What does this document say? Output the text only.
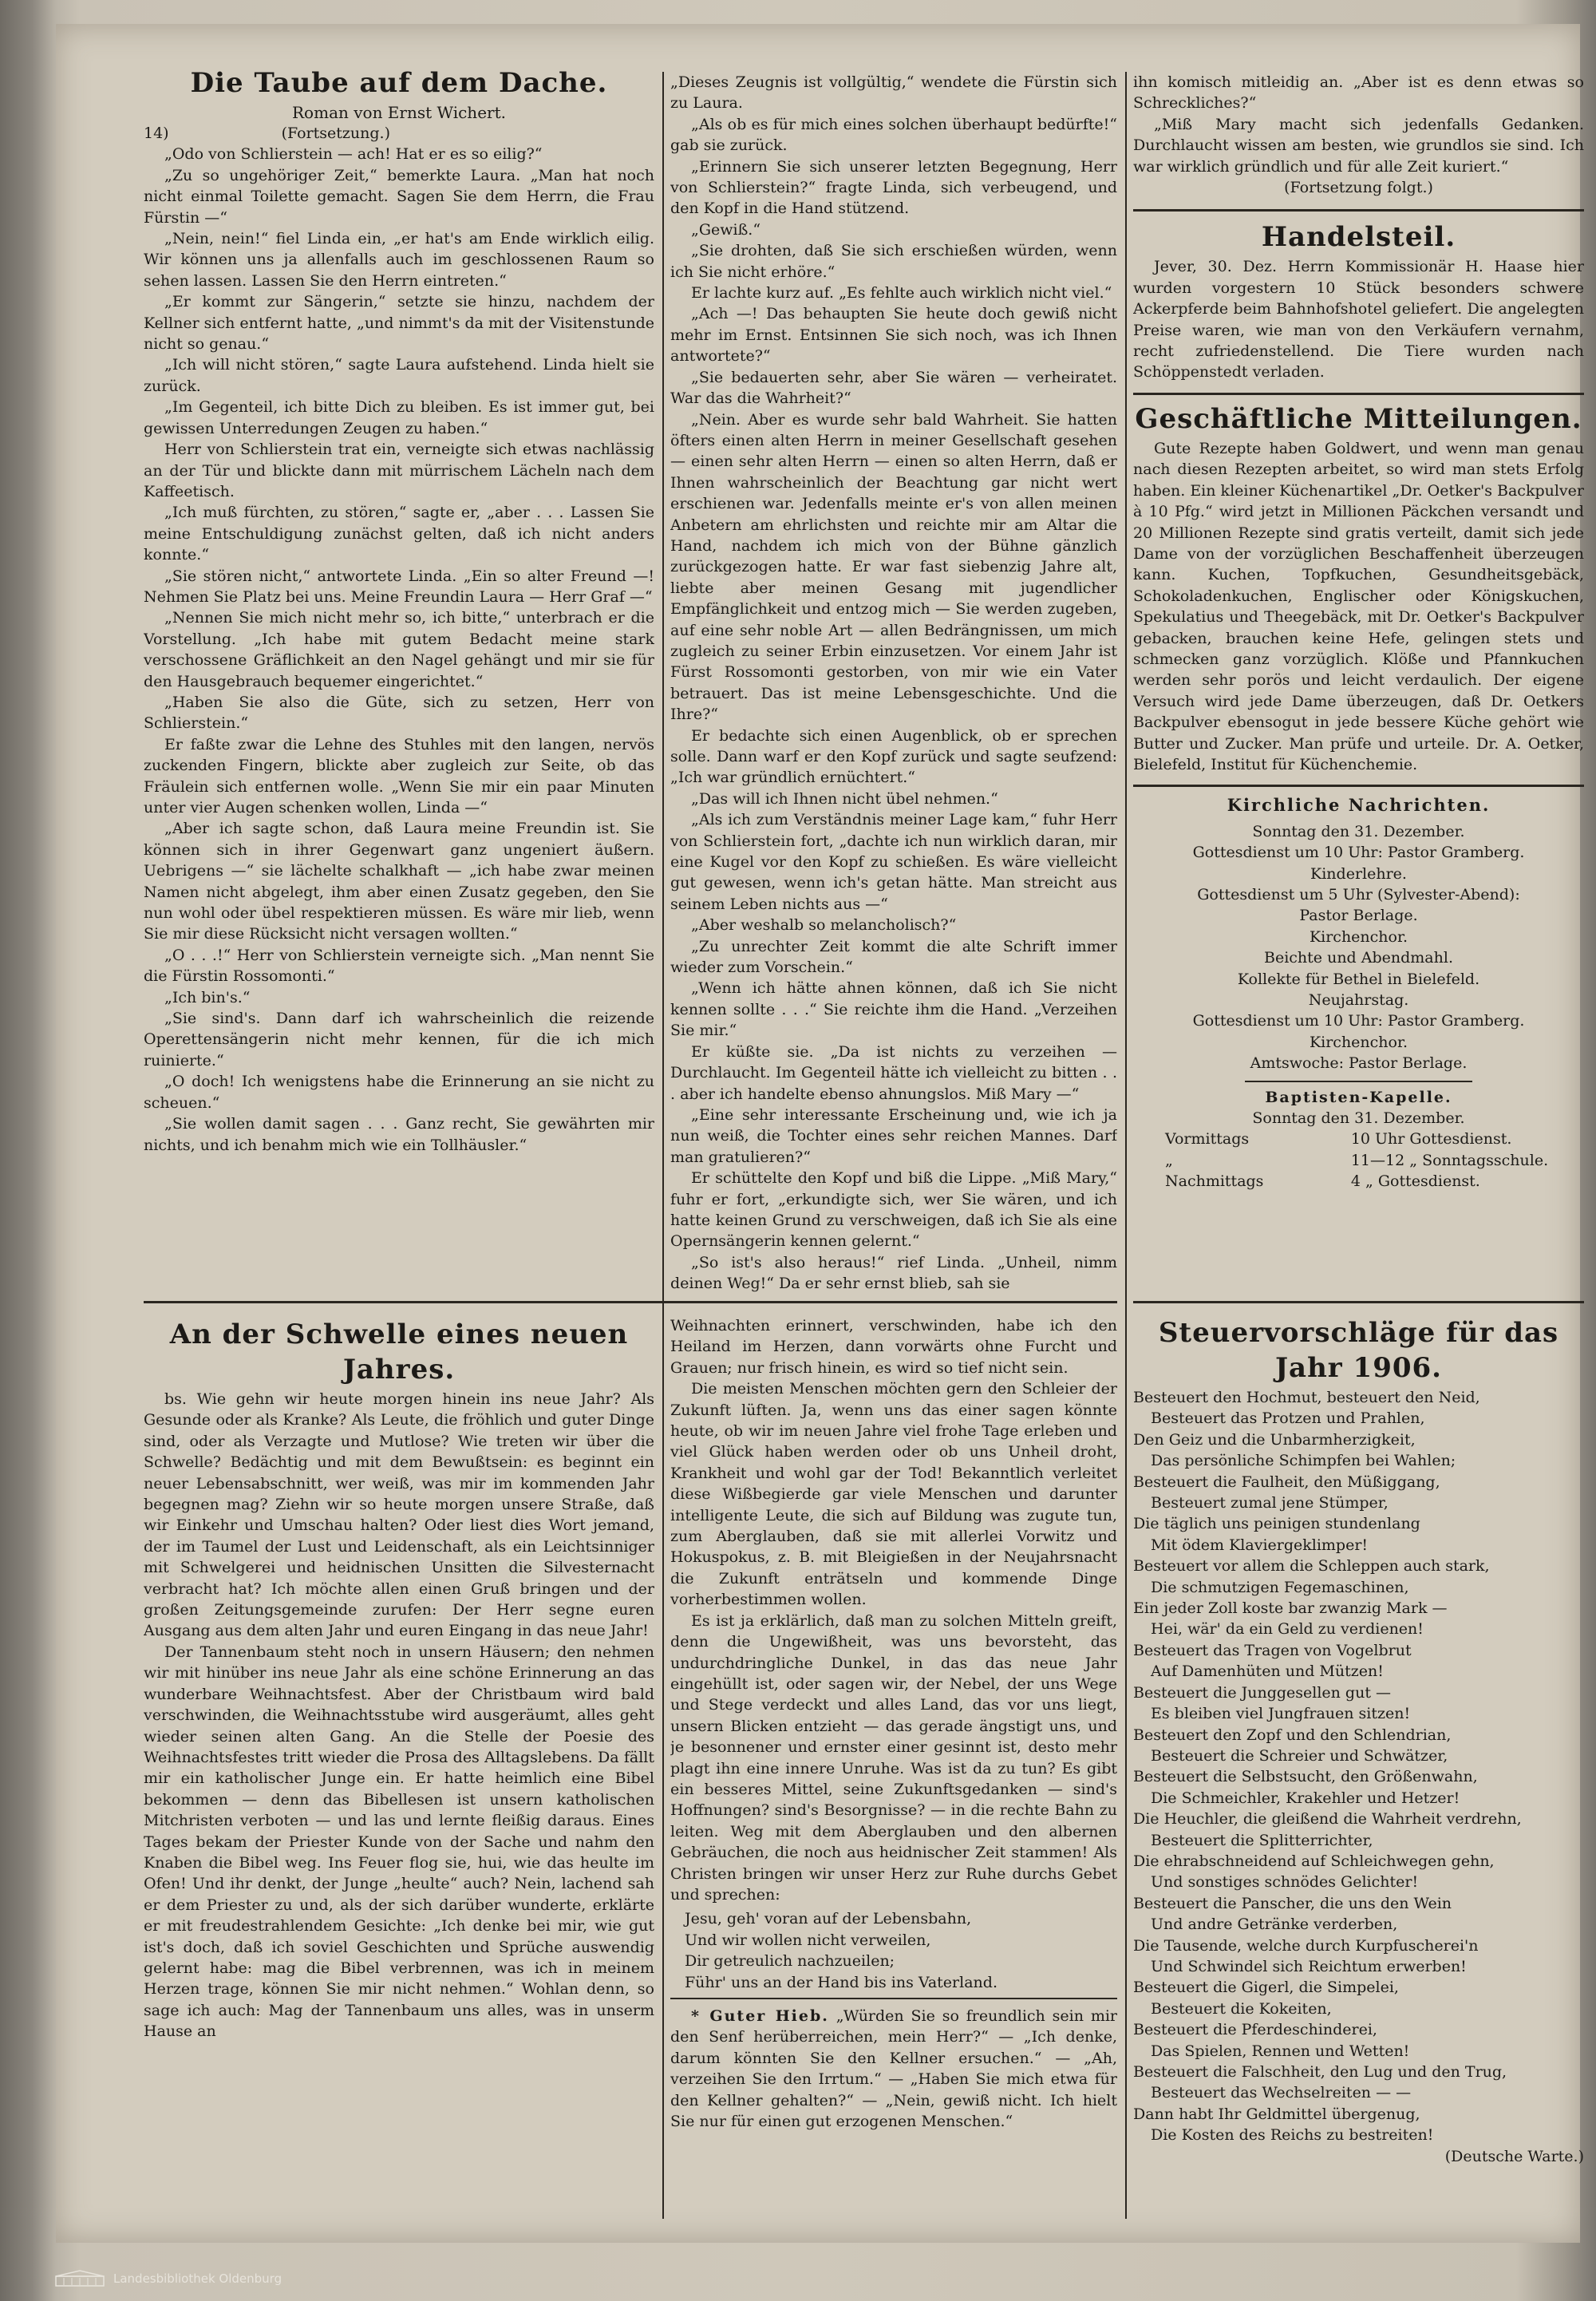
Die Taube auf dem Dache.
Roman von Ernst Wichert.
14)	(Fortsetzung.)

„Odo von Schlierstein — ach! Hat er es so eilig?“

„Zu so ungehöriger Zeit,“ bemerkte Laura. „Man hat noch nicht einmal Toilette gemacht. Sagen Sie dem Herrn, die Frau Fürstin —“

„Nein, nein!“ fiel Linda ein, „er hat's am Ende wirklich eilig. Wir können uns ja allenfalls auch im geschlossenen Raum so sehen lassen. Lassen Sie den Herrn eintreten.“

„Er kommt zur Sängerin,“ setzte sie hinzu, nachdem der Kellner sich entfernt hatte, „und nimmt's da mit der Visitenstunde nicht so genau.“

„Ich will nicht stören,“ sagte Laura aufstehend. Linda hielt sie zurück.

„Im Gegenteil, ich bitte Dich zu bleiben. Es ist immer gut, bei gewissen Unterredungen Zeugen zu haben.“

Herr von Schlierstein trat ein, verneigte sich etwas nachlässig an der Tür und blickte dann mit mürrischem Lächeln nach dem Kaffeetisch.

„Ich muß fürchten, zu stören,“ sagte er, „aber . . . Lassen Sie meine Entschuldigung zunächst gelten, daß ich nicht anders konnte.“

„Sie stören nicht,“ antwortete Linda. „Ein so alter Freund —! Nehmen Sie Platz bei uns. Meine Freundin Laura — Herr Graf —“

„Nennen Sie mich nicht mehr so, ich bitte,“ unterbrach er die Vorstellung. „Ich habe mit gutem Bedacht meine stark verschossene Gräflichkeit an den Nagel gehängt und mir sie für den Hausgebrauch bequemer eingerichtet.“

„Haben Sie also die Güte, sich zu setzen, Herr von Schlierstein.“

Er faßte zwar die Lehne des Stuhles mit den langen, nervös zuckenden Fingern, blickte aber zugleich zur Seite, ob das Fräulein sich entfernen wolle. „Wenn Sie mir ein paar Minuten unter vier Augen schenken wollen, Linda —“

„Aber ich sagte schon, daß Laura meine Freundin ist. Sie können sich in ihrer Gegenwart ganz ungeniert äußern. Uebrigens —“ sie lächelte schalkhaft — „ich habe zwar meinen Namen nicht abgelegt, ihm aber einen Zusatz gegeben, den Sie nun wohl oder übel respektieren müssen. Es wäre mir lieb, wenn Sie mir diese Rücksicht nicht versagen wollten.“

„O . . .!“ Herr von Schlierstein verneigte sich. „Man nennt Sie die Fürstin Rossomonti.“

„Ich bin's.“

„Sie sind's. Dann darf ich wahrscheinlich die reizende Operettensängerin nicht mehr kennen, für die ich mich ruinierte.“

„O doch! Ich wenigstens habe die Erinnerung an sie nicht zu scheuen.“

„Sie wollen damit sagen . . . Ganz recht, Sie gewährten mir nichts, und ich benahm mich wie ein Tollhäusler.“

„Dieses Zeugnis ist vollgültig,“ wendete die Fürstin sich zu Laura.

„Als ob es für mich eines solchen überhaupt bedürfte!“ gab sie zurück.

„Erinnern Sie sich unserer letzten Begegnung, Herr von Schlierstein?“ fragte Linda, sich verbeugend, und den Kopf in die Hand stützend.

„Gewiß.“

„Sie drohten, daß Sie sich erschießen würden, wenn ich Sie nicht erhöre.“

Er lachte kurz auf. „Es fehlte auch wirklich nicht viel.“

„Ach —! Das behaupten Sie heute doch gewiß nicht mehr im Ernst. Entsinnen Sie sich noch, was ich Ihnen antwortete?“

„Sie bedauerten sehr, aber Sie wären — verheiratet. War das die Wahrheit?“

„Nein. Aber es wurde sehr bald Wahrheit. Sie hatten öfters einen alten Herrn in meiner Gesellschaft gesehen — einen sehr alten Herrn — einen so alten Herrn, daß er Ihnen wahrscheinlich der Beachtung gar nicht wert erschienen war. Jedenfalls meinte er's von allen meinen Anbetern am ehrlichsten und reichte mir am Altar die Hand, nachdem ich mich von der Bühne gänzlich zurückgezogen hatte. Er war fast siebenzig Jahre alt, liebte aber meinen Gesang mit jugendlicher Empfänglichkeit und entzog mich — Sie werden zugeben, auf eine sehr noble Art — allen Bedrängnissen, um mich zugleich zu seiner Erbin einzusetzen. Vor einem Jahr ist Fürst Rossomonti gestorben, von mir wie ein Vater betrauert. Das ist meine Lebensgeschichte. Und die Ihre?“

Er bedachte sich einen Augenblick, ob er sprechen solle. Dann warf er den Kopf zurück und sagte seufzend: „Ich war gründlich ernüchtert.“

„Das will ich Ihnen nicht übel nehmen.“

„Als ich zum Verständnis meiner Lage kam,“ fuhr Herr von Schlierstein fort, „dachte ich nun wirklich daran, mir eine Kugel vor den Kopf zu schießen. Es wäre vielleicht gut gewesen, wenn ich's getan hätte. Man streicht aus seinem Leben nichts aus —“

„Aber weshalb so melancholisch?“

„Zu unrechter Zeit kommt die alte Schrift immer wieder zum Vorschein.“

„Wenn ich hätte ahnen können, daß ich Sie nicht kennen sollte . . .“ Sie reichte ihm die Hand. „Verzeihen Sie mir.“

Er küßte sie. „Da ist nichts zu verzeihen — Durchlaucht. Im Gegenteil hätte ich vielleicht zu bitten . . . aber ich handelte ebenso ahnungslos. Miß Mary —“

„Eine sehr interessante Erscheinung und, wie ich ja nun weiß, die Tochter eines sehr reichen Mannes. Darf man gratulieren?“

Er schüttelte den Kopf und biß die Lippe. „Miß Mary,“ fuhr er fort, „erkundigte sich, wer Sie wären, und ich hatte keinen Grund zu verschweigen, daß ich Sie als eine Opernsängerin kennen gelernt.“

„So ist's also heraus!“ rief Linda. „Unheil, nimm deinen Weg!“ Da er sehr ernst blieb, sah sie

ihn komisch mitleidig an. „Aber ist es denn etwas so Schreckliches?“

„Miß Mary macht sich jedenfalls Gedanken. Durchlaucht wissen am besten, wie grundlos sie sind. Ich war wirklich gründlich und für alle Zeit kuriert.“

(Fortsetzung folgt.)

Handelsteil.

Jever, 30. Dez. Herrn Kommissionär H. Haase hier wurden vorgestern 10 Stück besonders schwere Ackerpferde beim Bahnhofshotel geliefert. Die angelegten Preise waren, wie man von den Verkäufern vernahm, recht zufriedenstellend. Die Tiere wurden nach Schöppenstedt verladen.

Geschäftliche Mitteilungen.

Gute Rezepte haben Goldwert, und wenn man genau nach diesen Rezepten arbeitet, so wird man stets Erfolg haben. Ein kleiner Küchenartikel „Dr. Oetker's Backpulver à 10 Pfg.“ wird jetzt in Millionen Päckchen versandt und 20 Millionen Rezepte sind gratis verteilt, damit sich jede Dame von der vorzüglichen Beschaffenheit überzeugen kann. Kuchen, Topfkuchen, Gesundheitsgebäck, Schokoladenkuchen, Englischer oder Königskuchen, Spekulatius und Theegebäck, mit Dr. Oetker's Backpulver gebacken, brauchen keine Hefe, gelingen stets und schmecken ganz vorzüglich. Klöße und Pfannkuchen werden sehr porös und leicht verdaulich. Der eigene Versuch wird jede Dame überzeugen, daß Dr. Oetkers Backpulver ebensogut in jede bessere Küche gehört wie Butter und Zucker. Man prüfe und urteile. Dr. A. Oetker, Bielefeld, Institut für Küchenchemie.

Kirchliche Nachrichten.

Sonntag den 31. Dezember.

Gottesdienst um 10 Uhr: Pastor Gramberg.

Kinderlehre.

Gottesdienst um 5 Uhr (Sylvester-Abend):

Pastor Berlage.

Kirchenchor.

Beichte und Abendmahl.

Kollekte für Bethel in Bielefeld.

Neujahrstag.

Gottesdienst um 10 Uhr: Pastor Gramberg.

Kirchenchor.

Amtswoche: Pastor Berlage.

Baptisten-Kapelle.

Sonntag den 31. Dezember.

Vormittags	10 Uhr Gottesdienst.
„	11—12 „ Sonntagsschule.
Nachmittags	4 „ Gottesdienst.
An der Schwelle eines neuen Jahres.

bs. Wie gehn wir heute morgen hinein ins neue Jahr? Als Gesunde oder als Kranke? Als Leute, die fröhlich und guter Dinge sind, oder als Verzagte und Mutlose? Wie treten wir über die Schwelle? Bedächtig und mit dem Bewußtsein: es beginnt ein neuer Lebensabschnitt, wer weiß, was mir im kommenden Jahr begegnen mag? Ziehn wir so heute morgen unsere Straße, daß wir Einkehr und Umschau halten? Oder liest dies Wort jemand, der im Taumel der Lust und Leidenschaft, als ein Leichtsinniger mit Schwelgerei und heidnischen Unsitten die Silvesternacht verbracht hat? Ich möchte allen einen Gruß bringen und der großen Zeitungsgemeinde zurufen: Der Herr segne euren Ausgang aus dem alten Jahr und euren Eingang in das neue Jahr!

Der Tannenbaum steht noch in unsern Häusern; den nehmen wir mit hinüber ins neue Jahr als eine schöne Erinnerung an das wunderbare Weihnachtsfest. Aber der Christbaum wird bald verschwinden, die Weihnachtsstube wird ausgeräumt, alles geht wieder seinen alten Gang. An die Stelle der Poesie des Weihnachtsfestes tritt wieder die Prosa des Alltagslebens. Da fällt mir ein katholischer Junge ein. Er hatte heimlich eine Bibel bekommen — denn das Bibellesen ist unsern katholischen Mitchristen verboten — und las und lernte fleißig daraus. Eines Tages bekam der Priester Kunde von der Sache und nahm den Knaben die Bibel weg. Ins Feuer flog sie, hui, wie das heulte im Ofen! Und ihr denkt, der Junge „heulte“ auch? Nein, lachend sah er dem Priester zu und, als der sich darüber wunderte, erklärte er mit freudestrahlendem Gesichte: „Ich denke bei mir, wie gut ist's doch, daß ich soviel Geschichten und Sprüche auswendig gelernt habe: mag die Bibel verbrennen, was ich in meinem Herzen trage, können Sie mir nicht nehmen.“ Wohlan denn, so sage ich auch: Mag der Tannenbaum uns alles, was in unserm Hause an

Weihnachten erinnert, verschwinden, habe ich den Heiland im Herzen, dann vorwärts ohne Furcht und Grauen; nur frisch hinein, es wird so tief nicht sein.

Die meisten Menschen möchten gern den Schleier der Zukunft lüften. Ja, wenn uns das einer sagen könnte heute, ob wir im neuen Jahre viel frohe Tage erleben und viel Glück haben werden oder ob uns Unheil droht, Krankheit und wohl gar der Tod! Bekanntlich verleitet diese Wißbegierde gar viele Menschen und darunter intelligente Leute, die sich auf Bildung was zugute tun, zum Aberglauben, daß sie mit allerlei Vorwitz und Hokuspokus, z. B. mit Bleigießen in der Neujahrsnacht die Zukunft enträtseln und kommende Dinge vorherbestimmen wollen.

Es ist ja erklärlich, daß man zu solchen Mitteln greift, denn die Ungewißheit, was uns bevorsteht, das undurchdringliche Dunkel, in das das neue Jahr eingehüllt ist, oder sagen wir, der Nebel, der uns Wege und Stege verdeckt und alles Land, das vor uns liegt, unsern Blicken entzieht — das gerade ängstigt uns, und je besonnener und ernster einer gesinnt ist, desto mehr plagt ihn eine innere Unruhe. Was ist da zu tun? Es gibt ein besseres Mittel, seine Zukunftsgedanken — sind's Hoffnungen? sind's Besorgnisse? — in die rechte Bahn zu leiten. Weg mit dem Aberglauben und den albernen Gebräuchen, die noch aus heidnischer Zeit stammen! Als Christen bringen wir unser Herz zur Ruhe durchs Gebet und sprechen:

Jesu, geh' voran auf der Lebensbahn,

Und wir wollen nicht verweilen,

Dir getreulich nachzueilen;

Führ' uns an der Hand bis ins Vaterland.

* Guter Hieb. „Würden Sie so freundlich sein mir den Senf herüberreichen, mein Herr?“ — „Ich denke, darum könnten Sie den Kellner ersuchen.“ — „Ah, verzeihen Sie den Irrtum.“ — „Haben Sie mich etwa für den Kellner gehalten?“ — „Nein, gewiß nicht. Ich hielt Sie nur für einen gut erzogenen Menschen.“

Steuervorschläge für das Jahr 1906.

Besteuert den Hochmut, besteuert den Neid,

Besteuert das Protzen und Prahlen,

Den Geiz und die Unbarmherzigkeit,

Das persönliche Schimpfen bei Wahlen;

Besteuert die Faulheit, den Müßiggang,

Besteuert zumal jene Stümper,

Die täglich uns peinigen stundenlang

Mit ödem Klaviergeklimper!

Besteuert vor allem die Schleppen auch stark,

Die schmutzigen Fegemaschinen,

Ein jeder Zoll koste bar zwanzig Mark —

Hei, wär' da ein Geld zu verdienen!

Besteuert das Tragen von Vogelbrut

Auf Damenhüten und Mützen!

Besteuert die Junggesellen gut —

Es bleiben viel Jungfrauen sitzen!

Besteuert den Zopf und den Schlendrian,

Besteuert die Schreier und Schwätzer,

Besteuert die Selbstsucht, den Größenwahn,

Die Schmeichler, Krakehler und Hetzer!

Die Heuchler, die gleißend die Wahrheit verdrehn,

Besteuert die Splitterrichter,

Die ehrabschneidend auf Schleichwegen gehn,

Und sonstiges schnödes Gelichter!

Besteuert die Panscher, die uns den Wein

Und andre Getränke verderben,

Die Tausende, welche durch Kurpfuscherei'n

Und Schwindel sich Reichtum erwerben!

Besteuert die Gigerl, die Simpelei,

Besteuert die Kokeiten,

Besteuert die Pferdeschinderei,

Das Spielen, Rennen und Wetten!

Besteuert die Falschheit, den Lug und den Trug,

Besteuert das Wechselreiten — —

Dann habt Ihr Geldmittel übergenug,

Die Kosten des Reichs zu bestreiten!

(Deutsche Warte.)

Landesbibliothek Oldenburg
